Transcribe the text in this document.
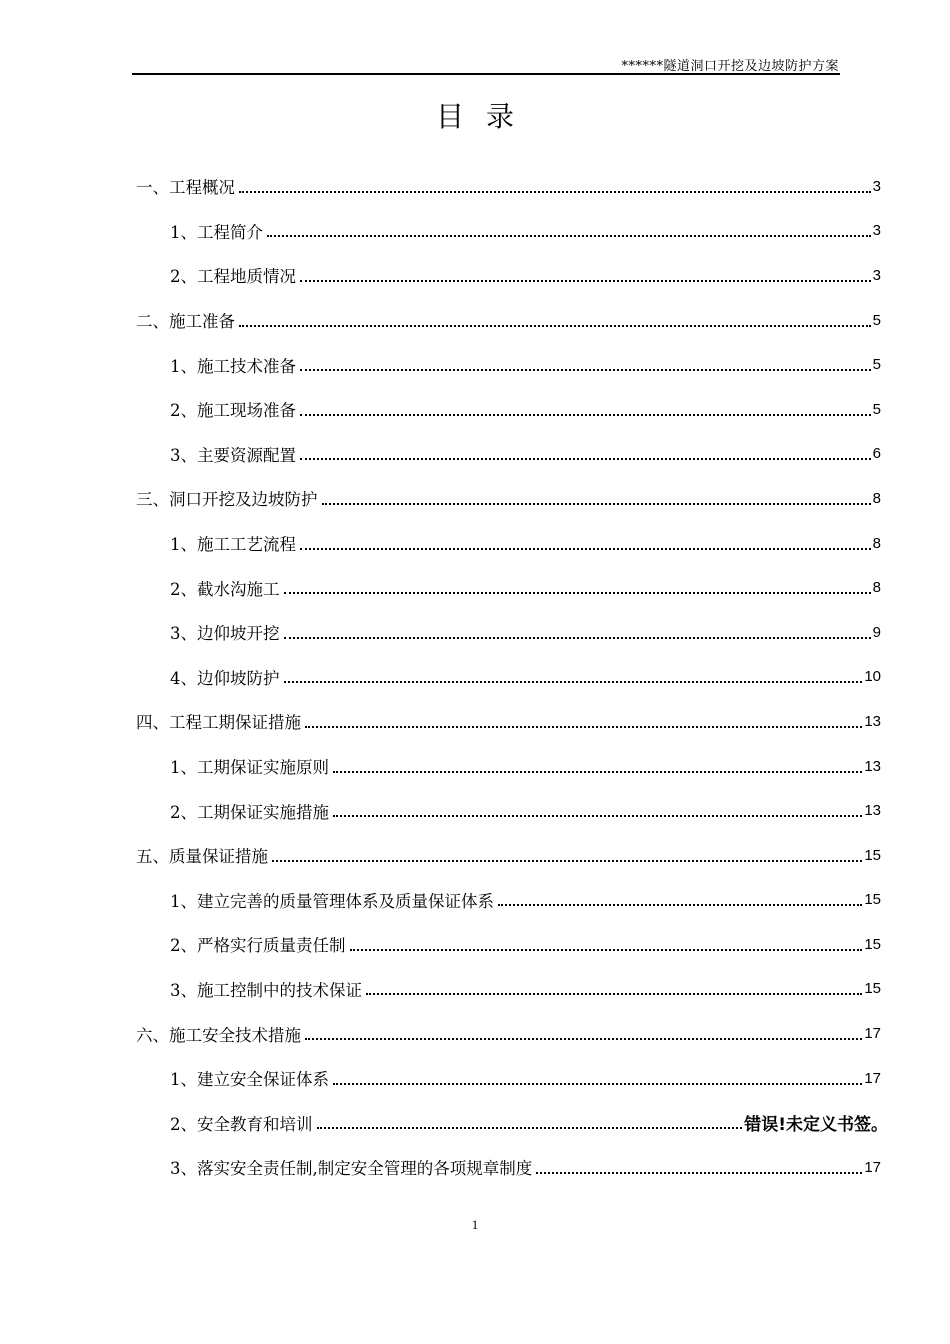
******隧道洞口开挖及边坡防护方案
目录
一、工程概况	3
1、工程简介	3
2、工程地质情况	3
二、施工准备	5
1、施工技术准备	5
2、施工现场准备	5
3、主要资源配置	6
三、洞口开挖及边坡防护	8
1、施工工艺流程	8
2、截水沟施工	8
3、边仰坡开挖	9
4、边仰坡防护	10
四、工程工期保证措施	13
1、工期保证实施原则	13
2、工期保证实施措施	13
五、质量保证措施	15
1、建立完善的质量管理体系及质量保证体系	15
2、严格实行质量责任制	15
3、施工控制中的技术保证	15
六、施工安全技术措施	17
1、建立安全保证体系	17
2、安全教育和培训	错误!未定义书签。
3、落实安全责任制,制定安全管理的各项规章制度	17
1
